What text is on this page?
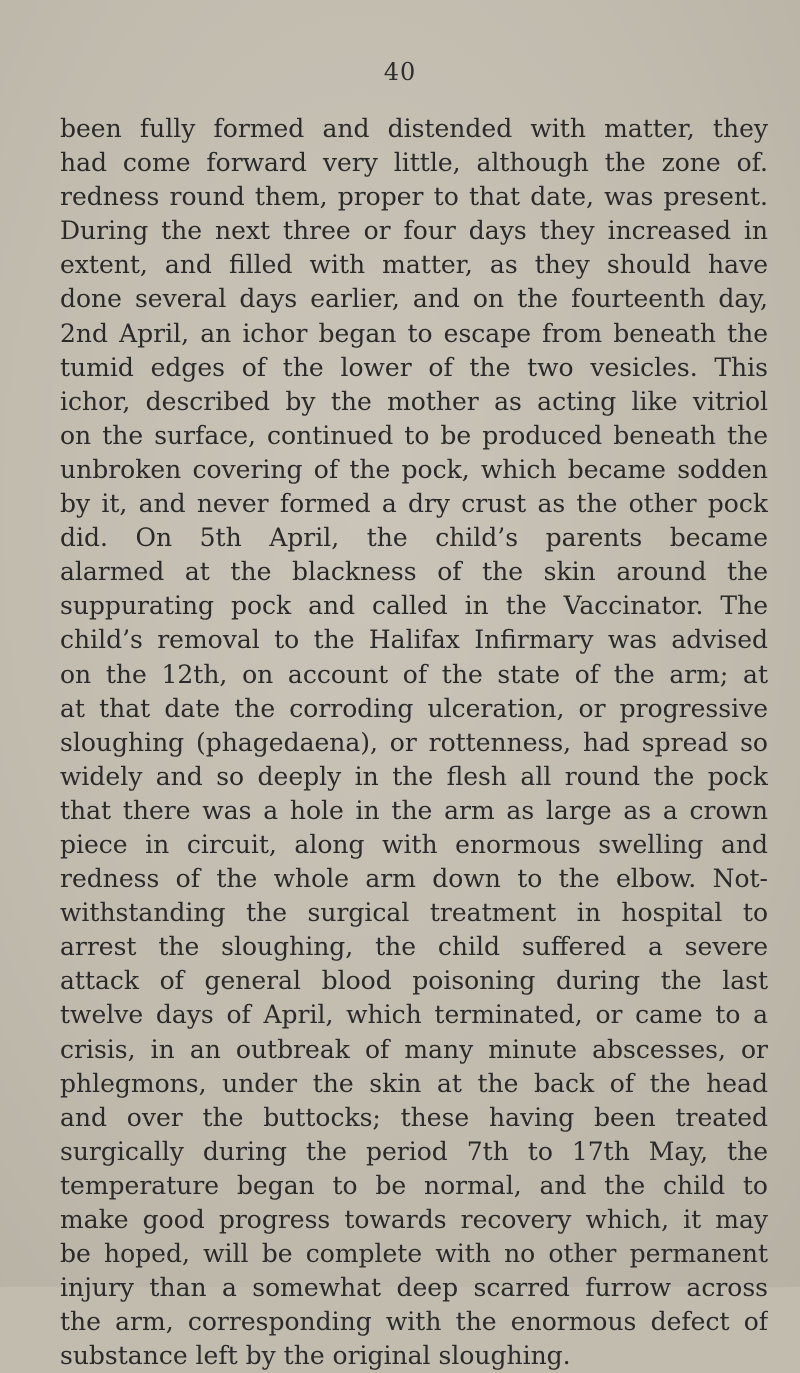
40
been fully formed and distended with matter, they
had come forward very little, although the zone of.
redness round them, proper to that date, was present.
During the next three or four days they increased in
extent, and filled with matter, as they should have
done several days earlier, and on the fourteenth day,
2nd April, an ichor began to escape from beneath the
tumid edges of the lower of the two vesicles. This
ichor, described by the mother as acting like vitriol
on the surface, continued to be produced beneath the
unbroken covering of the pock, which became sodden
by it, and never formed a dry crust as the other pock
did. On 5th April, the child’s parents became
alarmed at the blackness of the skin around the
suppurating pock and called in the Vaccinator. The
child’s removal to the Halifax Infirmary was advised
on the 12th, on account of the state of the arm; at
at that date the corroding ulceration, or progressive
sloughing (phagedaena), or rottenness, had spread so
widely and so deeply in the flesh all round the pock
that there was a hole in the arm as large as a crown
piece in circuit, along with enormous swelling and
redness of the whole arm down to the elbow. Not-
withstanding the surgical treatment in hospital to
arrest the sloughing, the child suffered a severe
attack of general blood poisoning during the last
twelve days of April, which terminated, or came to a
crisis, in an outbreak of many minute abscesses, or
phlegmons, under the skin at the back of the head
and over the buttocks; these having been treated
surgically during the period 7th to 17th May, the
temperature began to be normal, and the child to
make good progress towards recovery which, it may
be hoped, will be complete with no other permanent
injury than a somewhat deep scarred furrow across
the arm, corresponding with the enormous defect of
substance left by the original sloughing.
